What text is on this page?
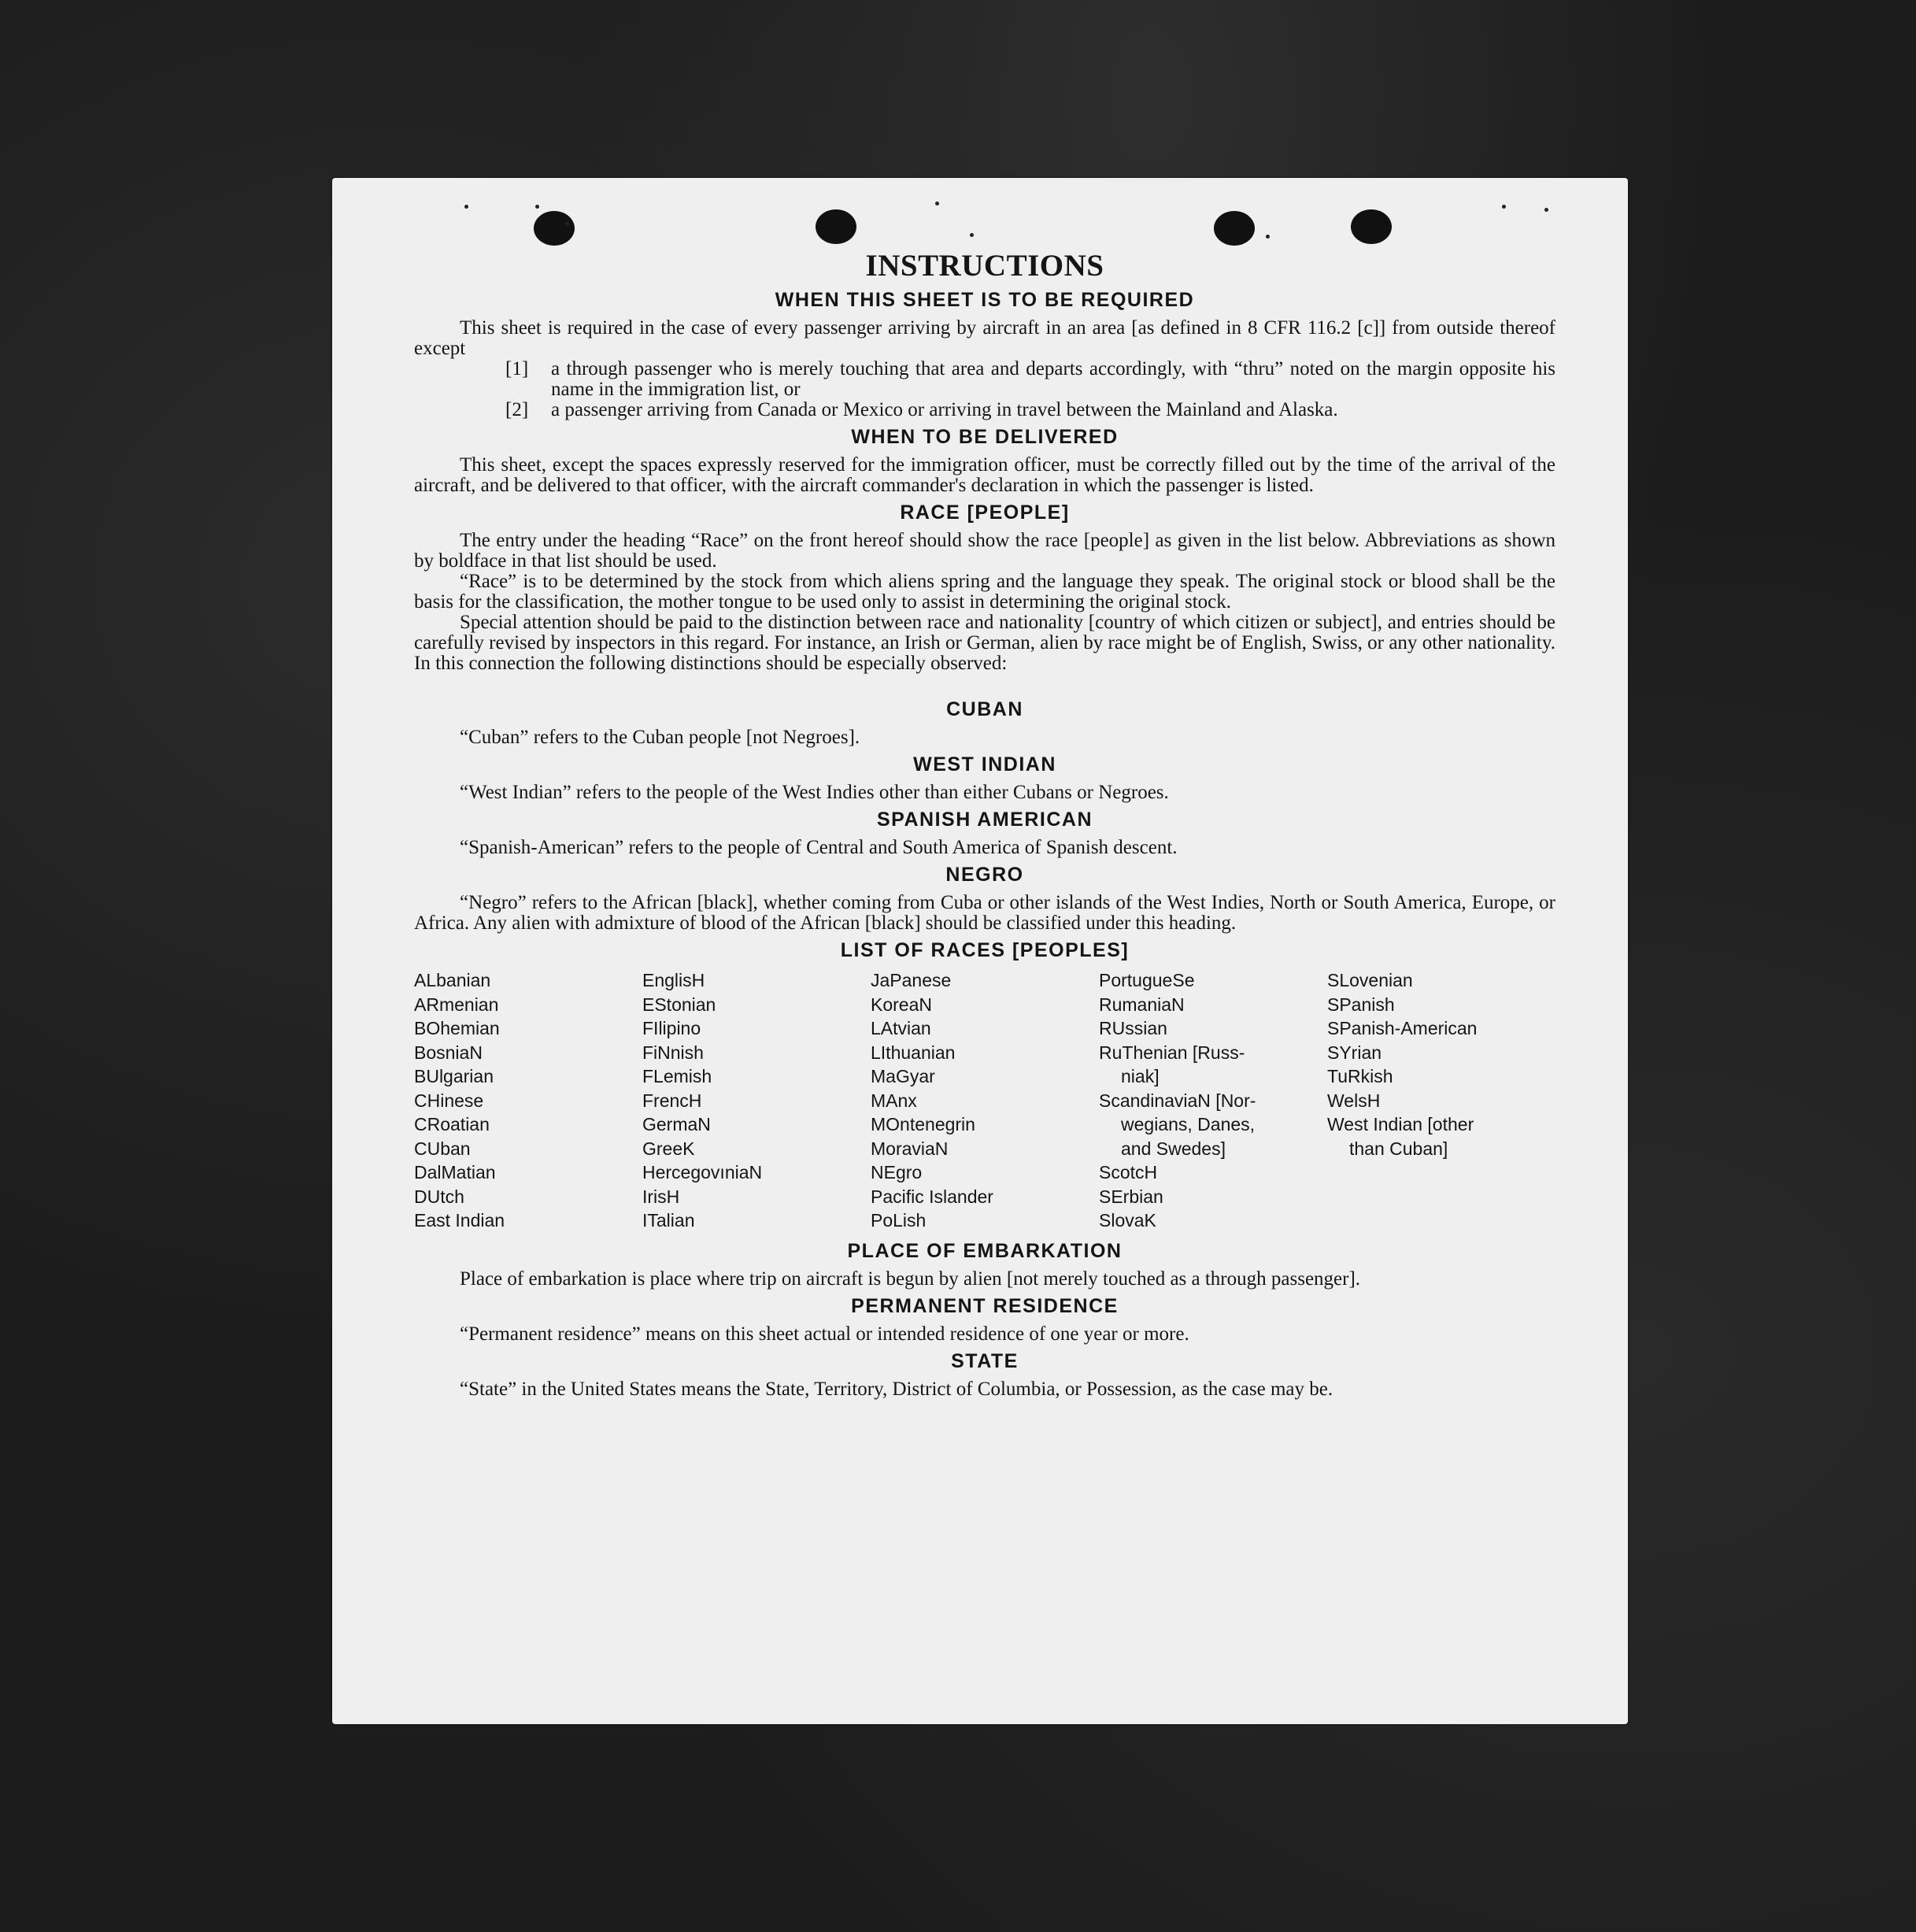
INSTRUCTIONS
WHEN THIS SHEET IS TO BE REQUIRED

This sheet is required in the case of every passenger arriving by aircraft in an area [as defined in 8 CFR 116.2 [c]] from outside thereof except

[1]	a through passenger who is merely touching that area and departs accordingly, with “thru” noted on the margin opposite his name in the immigration list, or
[2]	a passenger arriving from Canada or Mexico or arriving in travel between the Mainland and Alaska.
WHEN TO BE DELIVERED

This sheet, except the spaces expressly reserved for the immigration officer, must be correctly filled out by the time of the arrival of the aircraft, and be delivered to that officer, with the aircraft commander's declaration in which the passenger is listed.

RACE [PEOPLE]

The entry under the heading “Race” on the front hereof should show the race [people] as given in the list below. Abbreviations as shown by boldface in that list should be used.

“Race” is to be determined by the stock from which aliens spring and the language they speak. The original stock or blood shall be the basis for the classification, the mother tongue to be used only to assist in determining the original stock.

Special attention should be paid to the distinction between race and nationality [country of which citizen or subject], and entries should be carefully revised by inspectors in this regard. For instance, an Irish or German, alien by race might be of English, Swiss, or any other nationality. In this connection the following distinctions should be especially observed:

CUBAN

“Cuban” refers to the Cuban people [not Negroes].

WEST INDIAN

“West Indian” refers to the people of the West Indies other than either Cubans or Negroes.

SPANISH AMERICAN

“Spanish-American” refers to the people of Central and South America of Spanish descent.

NEGRO

“Negro” refers to the African [black], whether coming from Cuba or other islands of the West Indies, North or South America, Europe, or Africa. Any alien with admixture of blood of the African [black] should be classified under this heading.

LIST OF RACES [PEOPLES]
ALbanian
ARmenian
BOhemian
BosniaN
BUlgarian
CHinese
CRoatian
CUban
DalMatian
DUtch
East Indian
EnglisH
EStonian
FIlipino
FiNnish
FLemish
FrencH
GermaN
GreeK
HercegovıniaN
IrisH
ITalian
JaPanese
KoreaN
LAtvian
LIthuanian
MaGyar
MAnx
MOntenegrin
MoraviaN
NEgro
Pacific Islander
PoLish
PortugueSe
RumaniaN
RUssian
RuThenian [Russ-
niak]
ScandinaviaN [Nor-
wegians, Danes,
and Swedes]
ScotcH
SErbian
SlovaK
SLovenian
SPanish
SPanish-American
SYrian
TuRkish
WelsH
West Indian [other
than Cuban]
PLACE OF EMBARKATION

Place of embarkation is place where trip on aircraft is begun by alien [not merely touched as a through passenger].

PERMANENT RESIDENCE

“Permanent residence” means on this sheet actual or intended residence of one year or more.

STATE

“State” in the United States means the State, Territory, District of Columbia, or Possession, as the case may be.
